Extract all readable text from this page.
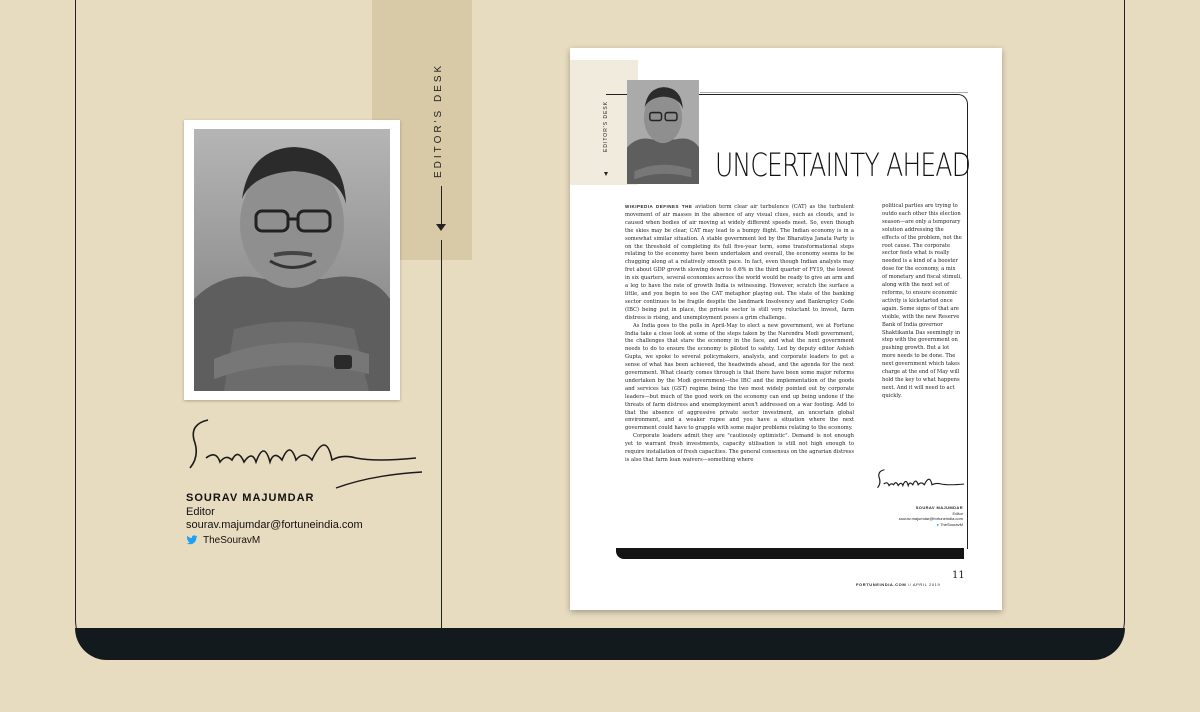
EDITOR'S DESK
SOURAV MAJUMDAR
Editor
sourav.majumdar@fortuneindia.com
TheSouravM
EDITOR'S DESK
UNCERTAINTY AHEAD

WIKIPEDIA DEFINES THE aviation term clear air turbulence (CAT) as the turbulent movement of air masses in the absence of any visual clues, such as clouds, and is caused when bodies of air moving at widely different speeds meet. So, even though the skies may be clear, CAT may lead to a bumpy flight. The Indian economy is in a somewhat similar situation. A stable government led by the Bharatiya Janata Party is on the threshold of completing its full five-year term, some transformational steps relating to the economy have been undertaken and overall, the economy seems to be chugging along at a relatively smooth pace. In fact, even though Indian analysts may fret about GDP growth slowing down to 6.6% in the third quarter of FY19, the lowest in six quarters, several economies across the world would be ready to give an arm and a leg to have the rate of growth India is witnessing. However, scratch the surface a little, and you begin to see the CAT metaphor playing out. The state of the banking sector continues to be fragile despite the landmark Insolvency and Bankruptcy Code (IBC) being put in place, the private sector is still very reluctant to invest, farm distress is rising, and unemployment poses a grim challenge.

As India goes to the polls in April-May to elect a new government, we at Fortune India take a close look at some of the steps taken by the Narendra Modi government, the challenges that stare the economy in the face, and what the next government needs to do to ensure the economy is piloted to safety. Led by deputy editor Ashish Gupta, we spoke to several policymakers, analysts, and corporate leaders to get a sense of what has been achieved, the headwinds ahead, and the agenda for the next government. What clearly comes through is that there have been some major reforms undertaken by the Modi government—the IBC and the implementation of the goods and services tax (GST) regime being the two most widely pointed out by corporate leaders—but much of the good work on the economy can end up being undone if the threats of farm distress and unemployment aren't addressed on a war footing. Add to that the absence of aggressive private sector investment, an uncertain global environment, and a weaker rupee and you have a situation where the next government could have to grapple with some major problems relating to the economy.

Corporate leaders admit they are "cautiously optimistic". Demand is not enough yet to warrant fresh investments, capacity utilisation is still not high enough to require installation of fresh capacities. The general consensus on the agrarian distress is also that farm loan waivers—something where

political parties are trying to outdo each other this election season—are only a temporary solution addressing the effects of the problem, not the root cause. The corporate sector feels what is really needed is a kind of a booster dose for the economy, a mix of monetary and fiscal stimuli, along with the next set of reforms, to ensure economic activity is kickstarted once again. Some signs of that are visible, with the new Reserve Bank of India governor Shaktikanta Das seemingly in step with the government on pushing growth. But a lot more needs to be done. The next government which takes charge at the end of May will hold the key to what happens next. And it will need to act quickly.
SOURAV MAJUMDAR
Editor
sourav.majumdar@fortuneindia.com
● TheSouravM
11
FORTUNEINDIA.COM // APRIL 2019
